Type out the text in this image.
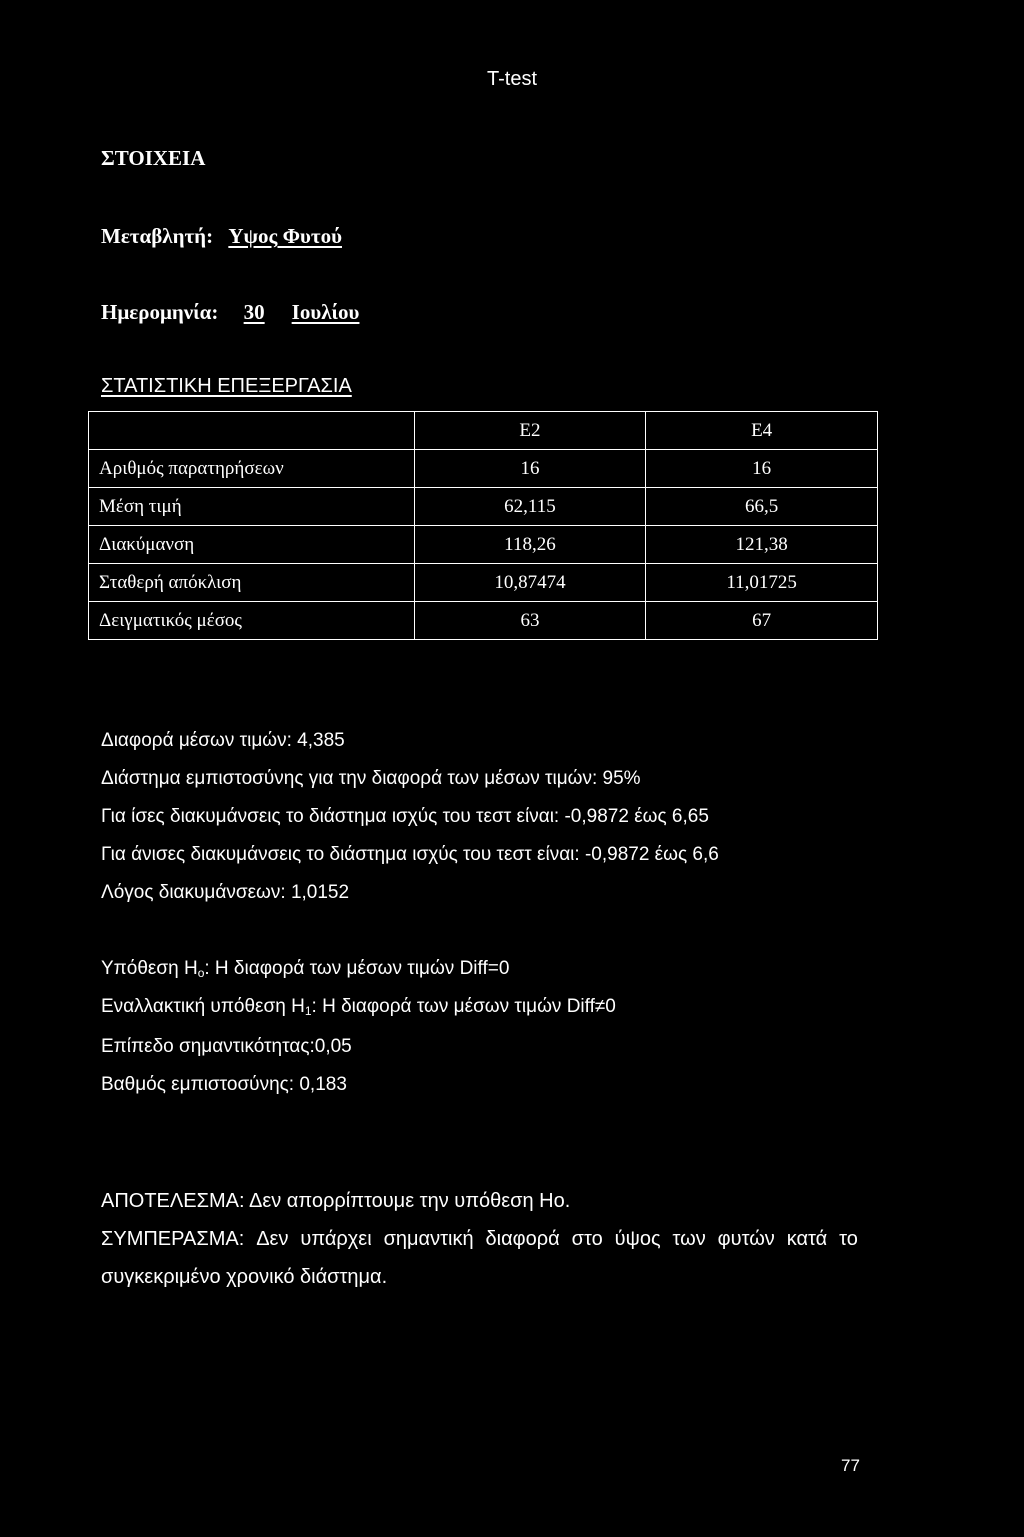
T-test
ΣΤΟΙΧΕΙΑ
Μεταβλητή: Υψος Φυτού
Ημερομηνία: 30 Ιουλίου
ΣΤΑΤΙΣΤΙΚΗ ΕΠΕΞΕΡΓΑΣΙΑ
	Ε2	Ε4
Αριθμός παρατηρήσεων	16	16
Μέση τιμή	62,115	66,5
Διακύμανση	118,26	121,38
Σταθερή απόκλιση	10,87474	11,01725
Δειγματικός μέσος	63	67
Διαφορά μέσων τιμών: 4,385
Διάστημα εμπιστοσύνης για την διαφορά των μέσων τιμών: 95%
Για ίσες διακυμάνσεις το διάστημα ισχύς του τεστ είναι: -0,9872 έως 6,65
Για άνισες διακυμάνσεις το διάστημα ισχύς του τεστ είναι: -0,9872 έως 6,6
Λόγος διακυμάνσεων: 1,0152
Υπόθεση $H_o$: Η διαφορά των μέσων τιμών Diff=0
Εναλλακτική υπόθεση $H_1$: Η διαφορά των μέσων τιμών Diff≠0
Επίπεδο σημαντικότητας:0,05
Βαθμός εμπιστοσύνης: 0,183
ΑΠΟΤΕΛΕΣΜΑ: Δεν απορρίπτουμε την υπόθεση Ho.
ΣΥΜΠΕΡΑΣΜΑ: Δεν υπάρχει σημαντική διαφορά στο ύψος των φυτών κατά το
συγκεκριμένο χρονικό διάστημα.
77
